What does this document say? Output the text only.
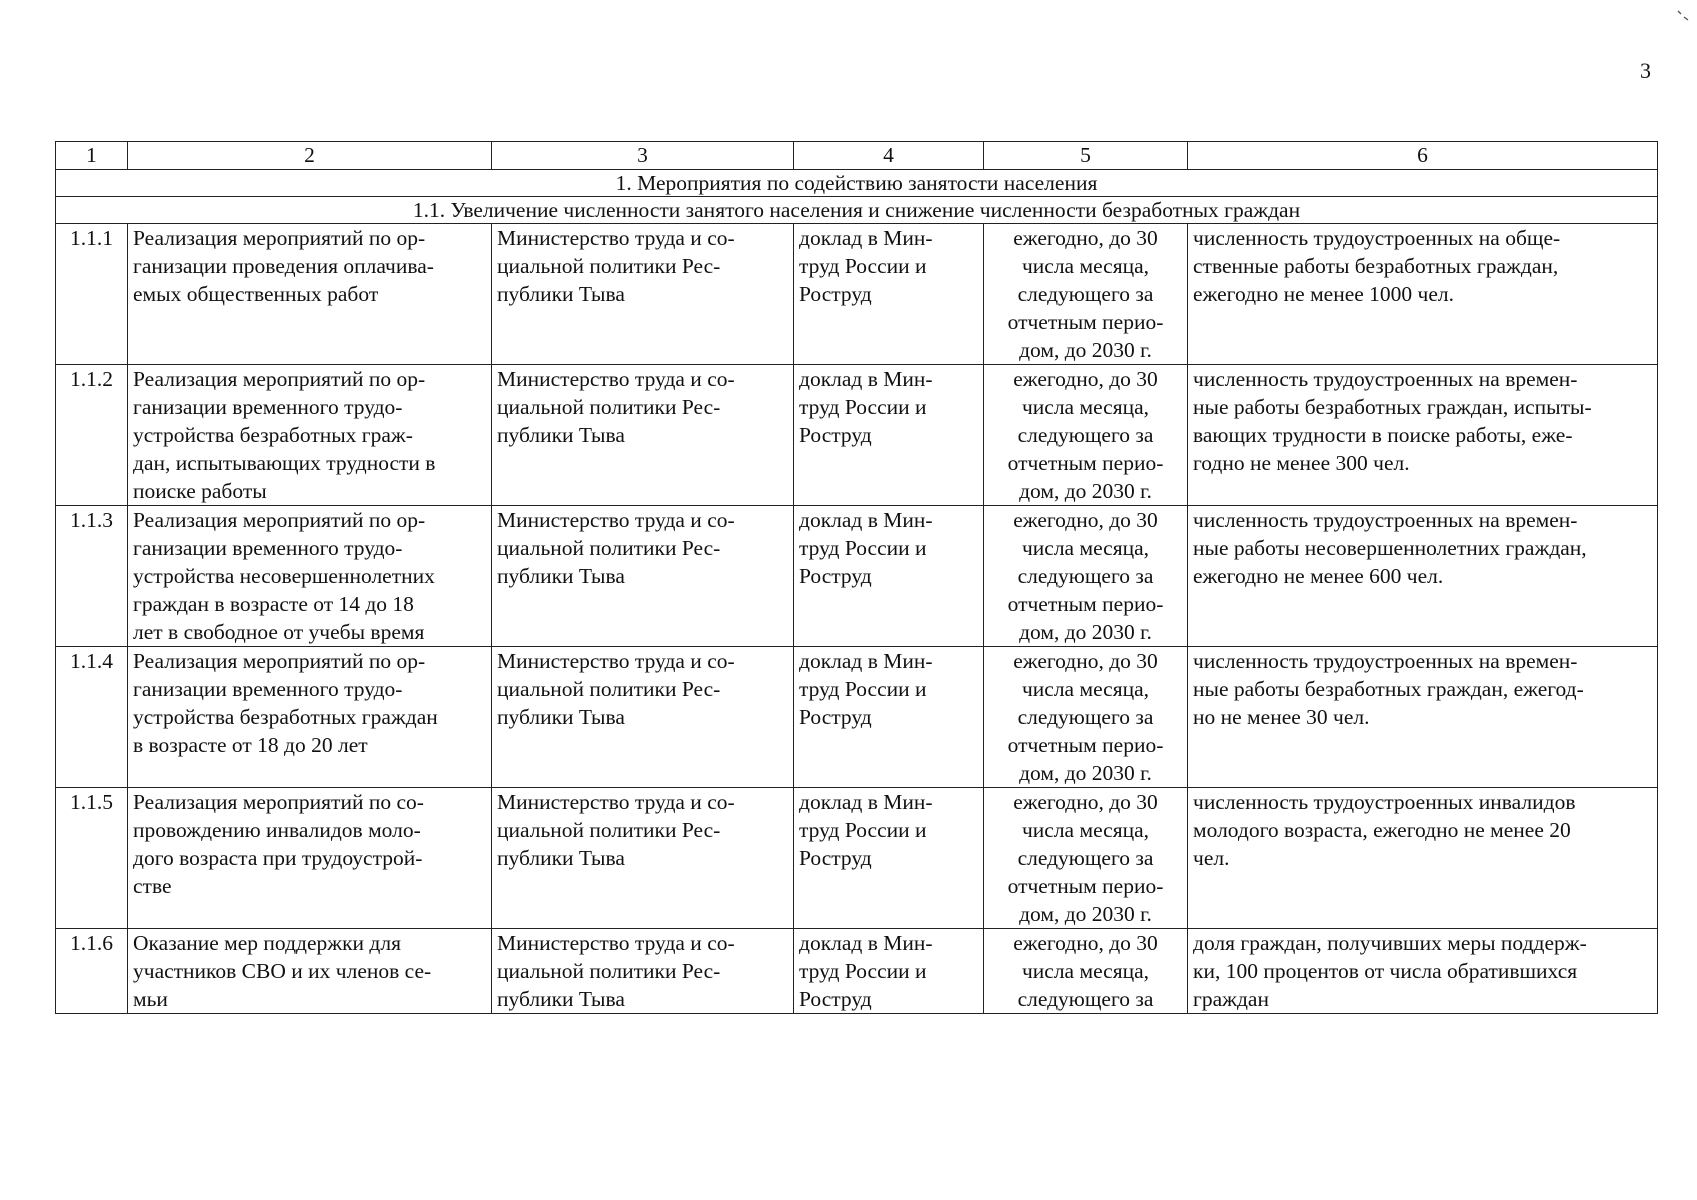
3
1	2	3	4	5	6
1. Мероприятия по содействию занятости населения					
1.1. Увеличение численности занятого населения и снижение численности безработных граждан					
1.1.1	Реализация мероприятий по ор-
ганизации проведения оплачива-
емых общественных работ	Министерство труда и со-
циальной политики Рес-
публики Тыва	доклад в Мин-
труд России и
Роструд	ежегодно, до 30
числа месяца,
следующего за
отчетным перио-
дом, до 2030 г.	численность трудоустроенных на обще-
ственные работы безработных граждан,
ежегодно не менее 1000 чел.

1.1.2	Реализация мероприятий по ор-
ганизации временного трудо-
устройства безработных граж-
дан, испытывающих трудности в
поиске работы	Министерство труда и со-
циальной политики Рес-
публики Тыва	доклад в Мин-
труд России и
Роструд	ежегодно, до 30
числа месяца,
следующего за
отчетным перио-
дом, до 2030 г.	численность трудоустроенных на времен-
ные работы безработных граждан, испыты-
вающих трудности в поиске работы, еже-
годно не менее 300 чел.

1.1.3	Реализация мероприятий по ор-
ганизации временного трудо-
устройства несовершеннолетних
граждан в возрасте от 14 до 18
лет в свободное от учебы время	Министерство труда и со-
циальной политики Рес-
публики Тыва	доклад в Мин-
труд России и
Роструд	ежегодно, до 30
числа месяца,
следующего за
отчетным перио-
дом, до 2030 г.	численность трудоустроенных на времен-
ные работы несовершеннолетних граждан,
ежегодно не менее 600 чел.

1.1.4	Реализация мероприятий по ор-
ганизации временного трудо-
устройства безработных граждан
в возрасте от 18 до 20 лет	Министерство труда и со-
циальной политики Рес-
публики Тыва	доклад в Мин-
труд России и
Роструд	ежегодно, до 30
числа месяца,
следующего за
отчетным перио-
дом, до 2030 г.	численность трудоустроенных на времен-
ные работы безработных граждан, ежегод-
но не менее 30 чел.

1.1.5	Реализация мероприятий по со-
провождению инвалидов моло-
дого возраста при трудоустрой-
стве	Министерство труда и со-
циальной политики Рес-
публики Тыва	доклад в Мин-
труд России и
Роструд	ежегодно, до 30
числа месяца,
следующего за
отчетным перио-
дом, до 2030 г.	численность трудоустроенных инвалидов
молодого возраста, ежегодно не менее 20
чел.

1.1.6	Оказание мер поддержки для
участников СВО и их членов се-
мьи	Министерство труда и со-
циальной политики Рес-
публики Тыва	доклад в Мин-
труд России и
Роструд	ежегодно, до 30
числа месяца,
следующего за	доля граждан, получивших меры поддерж-
ки, 100 процентов от числа обратившихся
граждан
